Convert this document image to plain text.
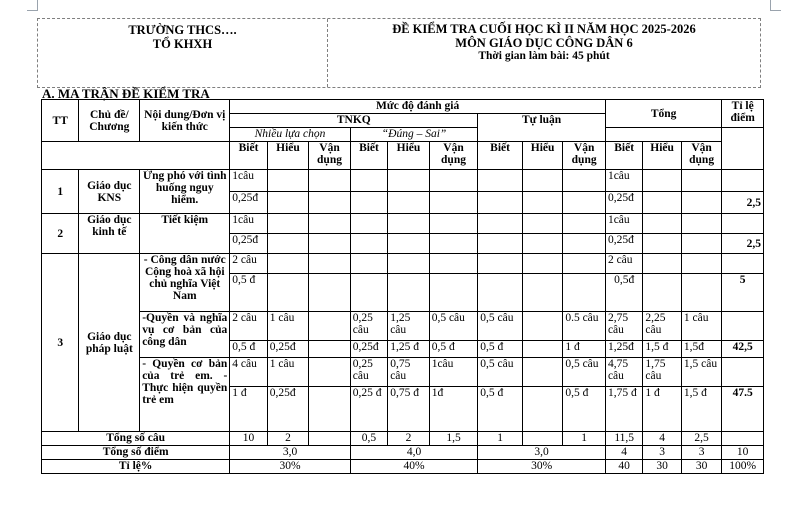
TRƯỜNG THCS….
TỔ KHXH
ĐỀ KIỂM TRA CUỐI HỌC KÌ II NĂM HỌC 2025-2026
MÔN GIÁO DỤC CÔNG DÂN 6
Thời gian làm bài: 45 phút
A. MA TRẬN ĐỀ KIỂM TRA
TT	Chủ đề/ Chương	Nội dung/Đơn vị kiến thức	Mức độ đánh giá									Tổng			Tỉ lệ điểm
			TNKQ						Tự luận						
			Nhiều lựa chọn			“Đúng – Sai”									
			Biết	Hiểu	Vận dụng	Biết	Hiểu	Vận dụng	Biết	Hiểu	Vận dụng	Biết	Hiểu	Vận dụng	
1	Giáo dục KNS	Ứng phó với tình huống nguy hiểm.	1câu									1câu			
			0,25đ									0,25đ			2,5
2	Giáo dục kinh tế	Tiết kiệm	1câu									1câu			
			0,25đ									0,25đ			2,5
3	Giáo dục pháp luật	- Công dân nước Cộng hoà xã hội chủ nghĩa Việt Nam	2 câu									2 câu			
			0,5 đ									0,5đ			5
		-Quyền và nghĩa vụ cơ bản của công dân	2 câu	1 câu		0,25 câu	1,25 câu	0,5 câu	0,5 câu		0.5 câu	2,75 câu	2,25 câu	1 câu	
			0,5 đ	0,25đ		0,25đ	1,25 đ	0,5 đ	0,5 đ		1 đ	1,25đ	1,5 đ	1,5đ	42,5
		- Quyền cơ bản của trẻ em. -Thực hiện quyền trẻ em	4 câu	1 câu		0,25 câu	0,75 câu	1câu	0,5 câu		0,5 câu	4,75 câu	1,75 câu	1,5 câu	
			1 đ	0,25đ		0,25 đ	0,75 đ	1đ	0,5 đ		0,5 đ	1,75 đ	1 đ	1,5 đ	47.5
Tổng số câu			10	2		0,5	2	1,5	1		1	11,5	4	2,5	
Tổng số điểm			3,0			4,0			3,0			4	3	3	10
Tỉ lệ%			30%			40%			30%			40	30	30	100%
